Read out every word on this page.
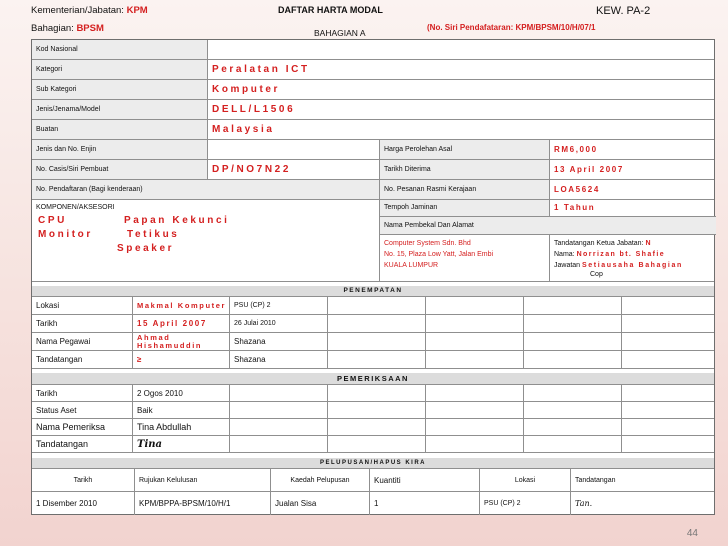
Kementerian/Jabatan: KPM	DAFTAR HARTA MODAL	KEW. PA-2
Bahagian: BPSM	BAHAGIAN A
(No. Siri Pendafataran: KPM/BPSM/10/H/07/1
Kod Nasional
Kategori	Peralatan ICT
Sub Kategori	Komputer
Jenis/Jenama/Model	DELL/L1506
Buatan	Malaysia
Jenis dan No. Enjin	Harga Perolehan Asal	RM6,000
No. Casis/Siri Pembuat	DP/NO7N22	Tarikh Diterima	13 April 2007
No. Pendaftaran (Bagi kenderaan)	No. Pesanan Rasmi Kerajaan	LOA5624
KOMPONEN/AKSESORI
CPU	Papan Kekunci
Monitor	Tetikus
Speaker
Tempoh Jaminan	1 Tahun
Nama Pembekal Dan Alamat
Computer System Sdn. Bhd
No. 15, Plaza Low Yatt, Jalan Embi
KUALA LUMPUR
Tandatangan Ketua Jabatan: N
Nama: Norrizan bt. Shafie
Jawatan Setiausaha Bahagian
Cop
PENEMPATAN
Lokasi	Makmal Komputer	PSU (CP) 2
Tarikh	15 April 2007	26 Julai 2010
Nama Pegawai	Ahmad Hishamuddin	Shazana
Tandatangan	≥	Shazana
PEMERIKSAAN
Tarikh	2 Ogos 2010
Status Aset	Baik
Nama Pemeriksa	Tina Abdullah
Tandatangan	Tina
PELUPUSAN/HAPUS KIRA
Tarikh	Rujukan Kelulusan	Kaedah Pelupusan	Kuantiti	Lokasi	Tandatangan
1 Disember 2010	KPM/BPPA-BPSM/10/H/1	Jualan Sisa	1	PSU (CP) 2	Tan.
44
